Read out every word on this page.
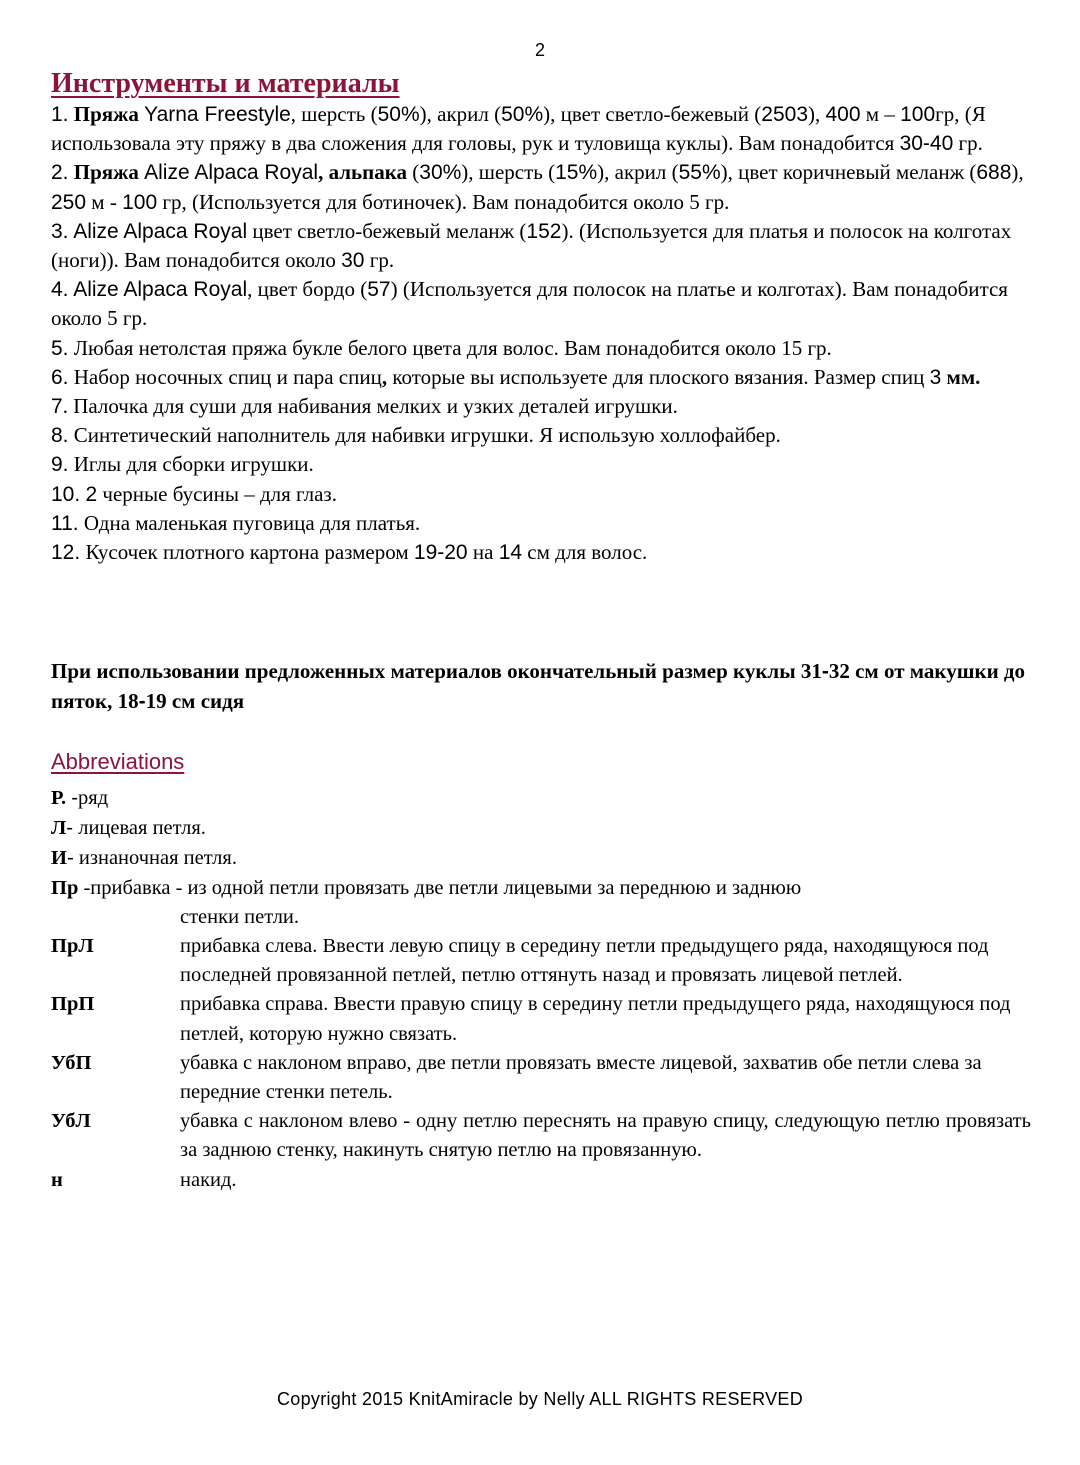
2
Инструменты и материалы

1. Пряжа Yarna Freestyle, шерсть (50%), акрил (50%), цвет светло-бежевый (2503), 400 м – 100гр, (Я использовала эту пряжу в два сложения для головы, рук и туловища куклы). Вам понадобится 30-40 гр.

2. Пряжа Alize Alpaca Royal, альпака (30%), шерсть (15%), акрил (55%), цвет коричневый меланж (688), 250 м - 100 гр, (Используется для ботиночек). Вам понадобится около 5 гр.

3. Alize Alpaca Royal цвет светло-бежевый меланж (152). (Используется для платья и полосок на колготах (ноги)). Вам понадобится около 30 гр.

4. Alize Alpaca Royal, цвет бордо (57) (Используется для полосок на платье и колготах). Вам понадобится около 5 гр.

5. Любая нетолстая пряжа букле белого цвета для волос. Вам понадобится около 15 гр.

6. Набор носочных спиц и пара спиц, которые вы используете для плоского вязания. Размер спиц 3 мм.

7. Палочка для суши для набивания мелких и узких деталей игрушки.

8. Синтетический наполнитель для набивки игрушки. Я использую холлофайбер.

9. Иглы для сборки игрушки.

10. 2 черные бусины – для глаз.

11. Одна маленькая пуговица для платья.

12. Кусочек плотного картона размером 19-20 на 14 см для волос.

При использовании предложенных материалов окончательный размер куклы 31-32 см от макушки до пяток, 18-19 см сидя

Abbreviations

Р. -ряд

Л- лицевая петля.

И- изнаночная петля.

Пр -прибавка - из одной петли провязать две петли лицевыми за переднюю и заднюю

стенки петли.

ПрЛ	прибавка слева. Ввести левую спицу в середину петли предыдущего ряда, находящуюся под последней провязанной петлей, петлю оттянуть назад и провязать лицевой петлей.
ПрП	прибавка справа. Ввести правую спицу в середину петли предыдущего ряда, находящуюся под петлей, которую нужно связать.
УбП	убавка с наклоном вправо, две петли провязать вместе лицевой, захватив обе петли слева за передние стенки петель.
УбЛ	убавка с наклоном влево - одну петлю переснять на правую спицу, следующую петлю провязать за заднюю стенку, накинуть снятую петлю на провязанную.
н	накид.
Copyright 2015 KnitAmiracle by Nelly ALL RIGHTS RESERVED
